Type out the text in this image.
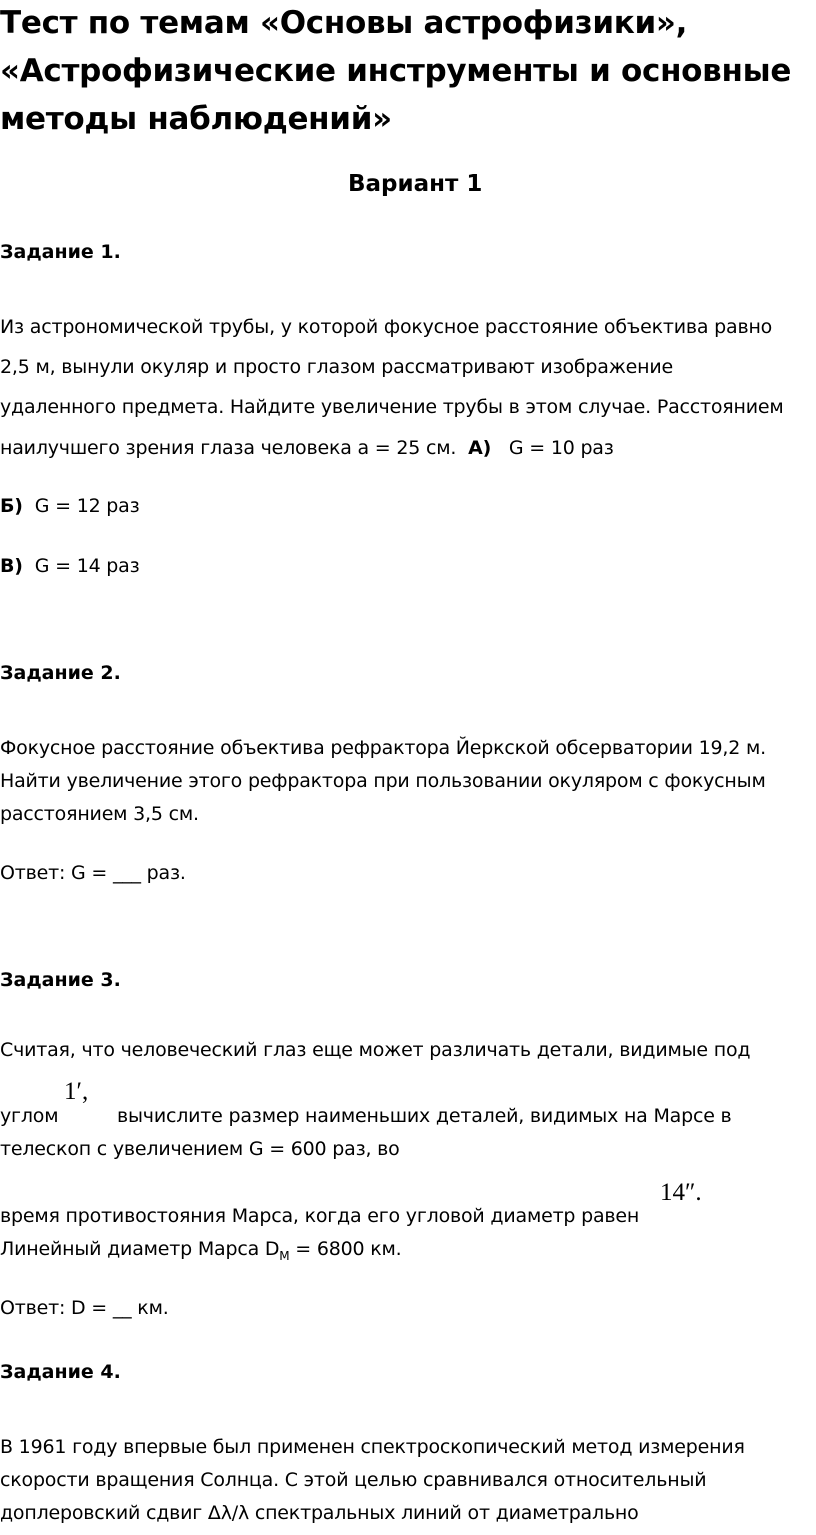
Тест по темам «Основы астрофизики»,
«Астрофизические инструменты и основные
методы наблюдений»
Вариант 1
Задание 1.
Из астрономической трубы, у которой фокусное расстояние объектива равно
2,5 м, вынули окуляр и просто глазом рассматривают изображение
удаленного предмета. Найдите увеличение трубы в этом случае. Расстоянием
наилучшего зрения глаза человека a = 25 см. А) G = 10 раз
Б) G = 12 раз
В) G = 14 раз
Задание 2.
Фокусное расстояние объектива рефрактора Йеркской обсерватории 19,2 м.
Найти увеличение этого рефрактора при пользовании окуляром с фокусным
расстоянием 3,5 см.
Ответ: G = ___ раз.
Задание 3.
Считая, что человеческий глаз еще может различать детали, видимые под
1′,
углом	вычислите размер наименьших деталей, видимых на Марсе в
телескоп с увеличением G = 600 раз, во
14″.
время противостояния Марса, когда его угловой диаметр равен
Линейный диаметр Марса $D_М = 6800$ км.
Ответ: D = __ км.
Задание 4.
В 1961 году впервые был применен спектроскопический метод измерения
скорости вращения Солнца. С этой целью сравнивался относительный
доплеровский сдвиг Δλ/λ спектральных линий от диаметрально
